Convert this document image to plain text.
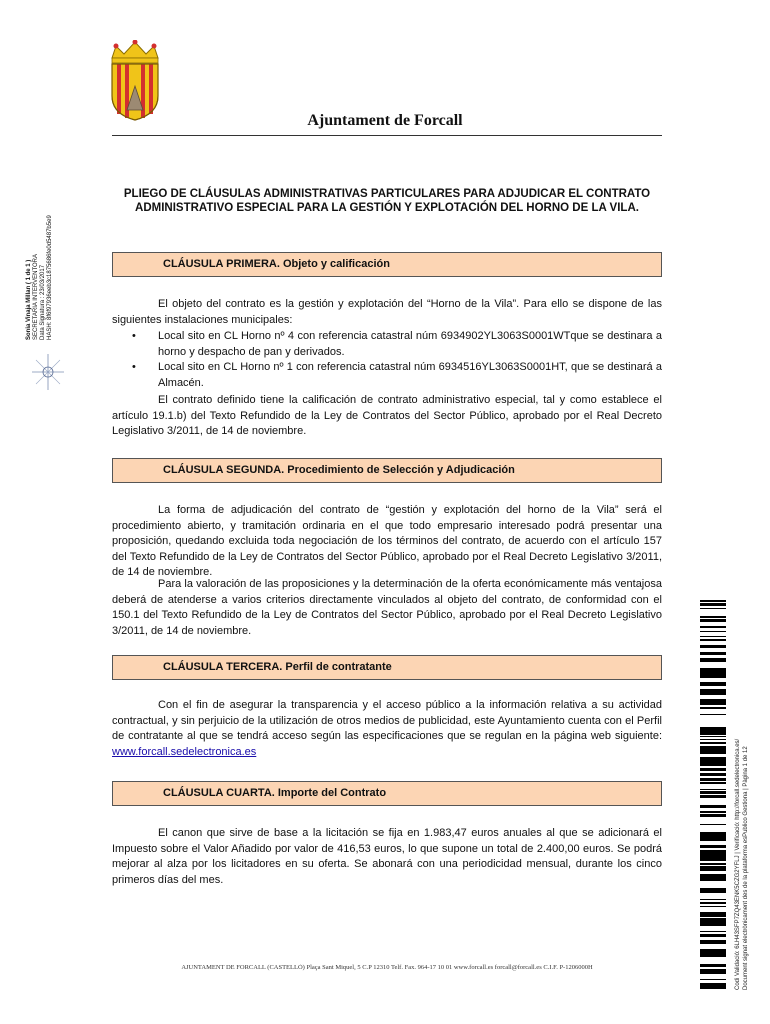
Ajuntament de Forcall
PLIEGO DE CLÁUSULAS ADMINISTRATIVAS PARTICULARES PARA ADJUDICAR EL CONTRATO ADMINISTRATIVO ESPECIAL PARA LA GESTIÓN Y EXPLOTACIÓN DEL HORNO DE LA VILA.
CLÁUSULA PRIMERA. Objeto y calificación
El objeto del contrato es la gestión y explotación del “Horno de la Vila”. Para ello se dispone de las siguientes instalaciones municipales:
• Local sito en CL Horno nº 4 con referencia catastral núm 6934902YL3063S0001WTque se destinara a horno y despacho de pan y derivados.
• Local sito en CL Horno nº 1 con referencia catastral núm 6934516YL3063S0001HT, que se destinará a Almacén.
El contrato definido tiene la calificación de contrato administrativo especial, tal y como establece el artículo 19.1.b) del Texto Refundido de la Ley de Contratos del Sector Público, aprobado por el Real Decreto Legislativo 3/2011, de 14 de noviembre.
CLÁUSULA SEGUNDA. Procedimiento de Selección y Adjudicación
La forma de adjudicación del contrato de “gestión y explotación del horno de la Vila” será el procedimiento abierto, y tramitación ordinaria en el que todo empresario interesado podrá presentar una proposición, quedando excluida toda negociación de los términos del contrato, de acuerdo con el artículo 157 del Texto Refundido de la Ley de Contratos del Sector Público, aprobado por el Real Decreto Legislativo 3/2011, de 14 de noviembre.
Para la valoración de las proposiciones y la determinación de la oferta económicamente más ventajosa deberá de atenderse a varios criterios directamente vinculados al objeto del contrato, de conformidad con el 150.1 del Texto Refundido de la Ley de Contratos del Sector Público, aprobado por el Real Decreto Legislativo 3/2011, de 14 de noviembre.
CLÁUSULA TERCERA. Perfil de contratante
Con el fin de asegurar la transparencia y el acceso público a la información relativa a su actividad contractual, y sin perjuicio de la utilización de otros medios de publicidad, este Ayuntamiento cuenta con el Perfil de contratante al que se tendrá acceso según las especificaciones que se regulan en la página web siguiente: www.forcall.sedelectronica.es
CLÁUSULA CUARTA. Importe del Contrato
El canon que sirve de base a la licitación se fija en 1.983,47 euros anuales al que se adicionará el Impuesto sobre el Valor Añadido por valor de 416,53 euros, lo que supone un total de 2.400,00 euros. Se podrá mejorar al alza por los licitadores en su oferta. Se abonará con una periodicidad mensual, durante los cinco primeros días del mes.
AJUNTAMENT DE FORCALL (CASTELLÓ) Plaça Sant Miquel, 5 C.P 12310 Telf. Fax. 964-17 10 01 www.forcall.es forcall@forcall.es C.I.F. P-1206000H
Sonia Vinaja Millan ( 1 de 1 ) SECRETARIA INTERVENTORA Data Signatura : 23/03/2017 HASH: 8f6f97936eeb3c1875686fe0d5487b5e9
Codi Validació: 6LH43SFP7ZQ43ENK5CZG2YFLJ | Verificació: http://forcall.sedelectronica.es/ Document signat electrònicament des de la plataforma esPublico Gestiona | Pàgina 1 de 12
